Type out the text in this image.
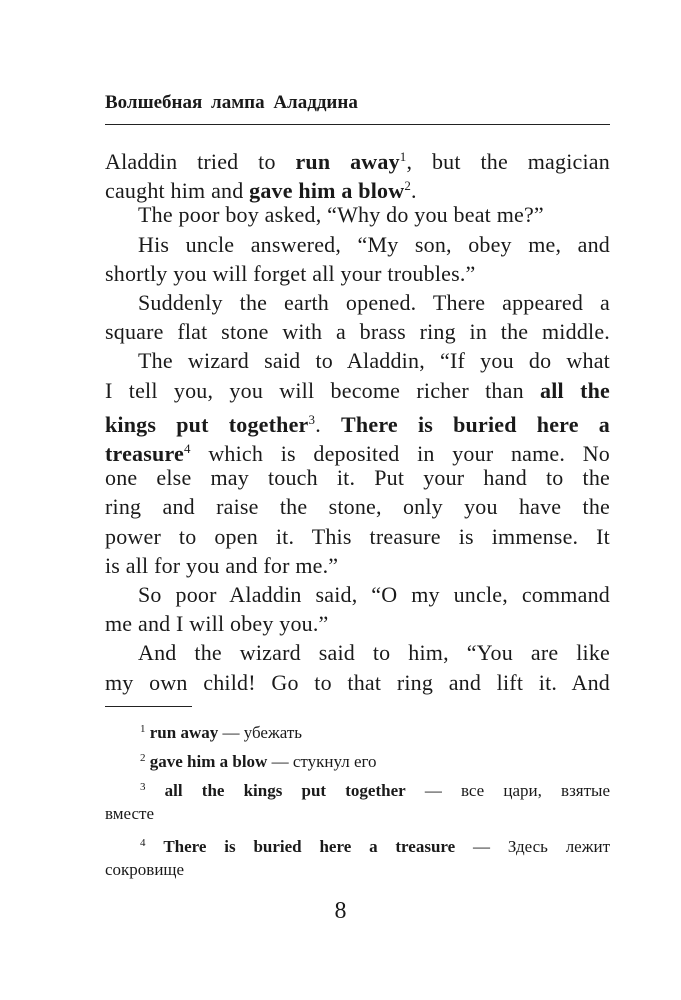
Волшебная лампа Аладдина
Aladdin tried to run away$^1$, but the magician
caught him and gave him a blow$^2$.
The poor boy asked, “Why do you beat me?”
His uncle answered, “My son, obey me, and
shortly you will forget all your troubles.”
Suddenly the earth opened. There appeared a
square flat stone with a brass ring in the middle.
The wizard said to Aladdin, “If you do what
I tell you, you will become richer than all the
kings put together$^3$. There is buried here a
treasure$^4$ which is deposited in your name. No
one else may touch it. Put your hand to the
ring and raise the stone, only you have the
power to open it. This treasure is immense. It
is all for you and for me.”
So poor Aladdin said, “O my uncle, command
me and I will obey you.”
And the wizard said to him, “You are like
my own child! Go to that ring and lift it. And
$^1$ run away — убежать
$^2$ gave him a blow — стукнул его
$^3$ all the kings put together — все цари, взятые
вместе
$^4$ There is buried here a treasure — Здесь лежит
сокровище
8
